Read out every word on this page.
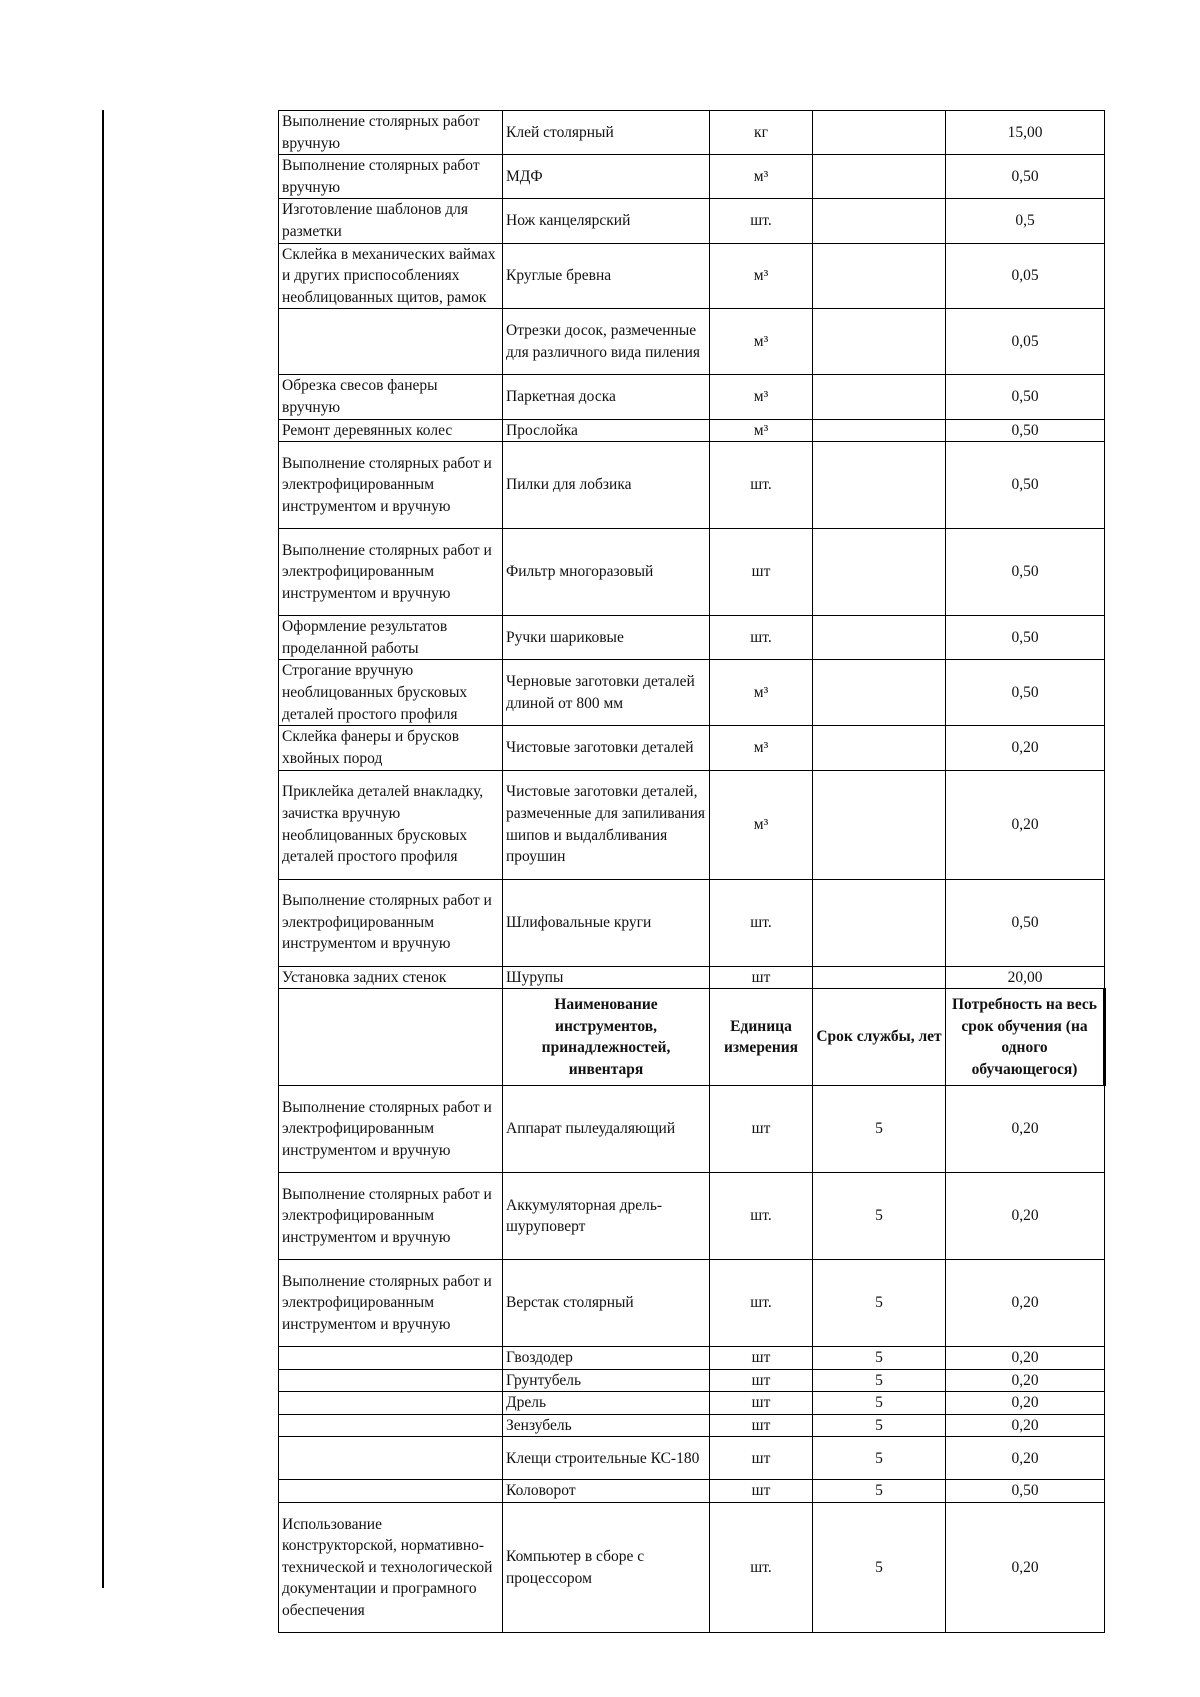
Выполнение столярных работ вручную	Клей столярный	кг		15,00
Выполнение столярных работ вручную	МДФ	м³		0,50
Изготовление шаблонов для разметки	Нож канцелярский	шт.		0,5
Склейка в механических ваймах и других приспособлениях необлицованных щитов, рамок	Круглые бревна	м³		0,05
	Отрезки досок, размеченные для различного вида пиления	м³		0,05
Обрезка свесов фанеры вручную	Паркетная доска	м³		0,50
Ремонт деревянных колес	Прослойка	м³		0,50
Выполнение столярных работ и электрофицированным инструментом и вручную	Пилки для лобзика	шт.		0,50
Выполнение столярных работ и электрофицированным инструментом и вручную	Фильтр многоразовый	шт		0,50
Оформление результатов проделанной работы	Ручки шариковые	шт.		0,50
Строгание вручную необлицованных брусковых деталей простого профиля	Черновые заготовки деталей длиной от 800 мм	м³		0,50
Склейка фанеры и брусков хвойных пород	Чистовые заготовки деталей	м³		0,20
Приклейка деталей внакладку, зачистка вручную необлицованных брусковых деталей простого профиля	Чистовые заготовки деталей, размеченные для запиливания шипов и выдалбливания проушин	м³		0,20
Выполнение столярных работ и электрофицированным инструментом и вручную	Шлифовальные круги	шт.		0,50
Установка задних стенок	Шурупы	шт		20,00
	Наименование инструментов, принадлежностей, инвентаря	Единица измерения	Срок службы, лет	Потребность на весь срок обучения (на одного обучающегося)
Выполнение столярных работ и электрофицированным инструментом и вручную	Аппарат пылеудаляющий	шт	5	0,20
Выполнение столярных работ и электрофицированным инструментом и вручную	Аккумуляторная дрель-шуруповерт	шт.	5	0,20
Выполнение столярных работ и электрофицированным инструментом и вручную	Верстак столярный	шт.	5	0,20
	Гвоздодер	шт	5	0,20
	Грунтубель	шт	5	0,20
	Дрель	шт	5	0,20
	Зензубель	шт	5	0,20
	Клещи строительные КС-180	шт	5	0,20
	Коловорот	шт	5	0,50
Использование конструкторской, нормативно-технической и технологической документации и програмного обеспечения	Компьютер в сборе с процессором	шт.	5	0,20
